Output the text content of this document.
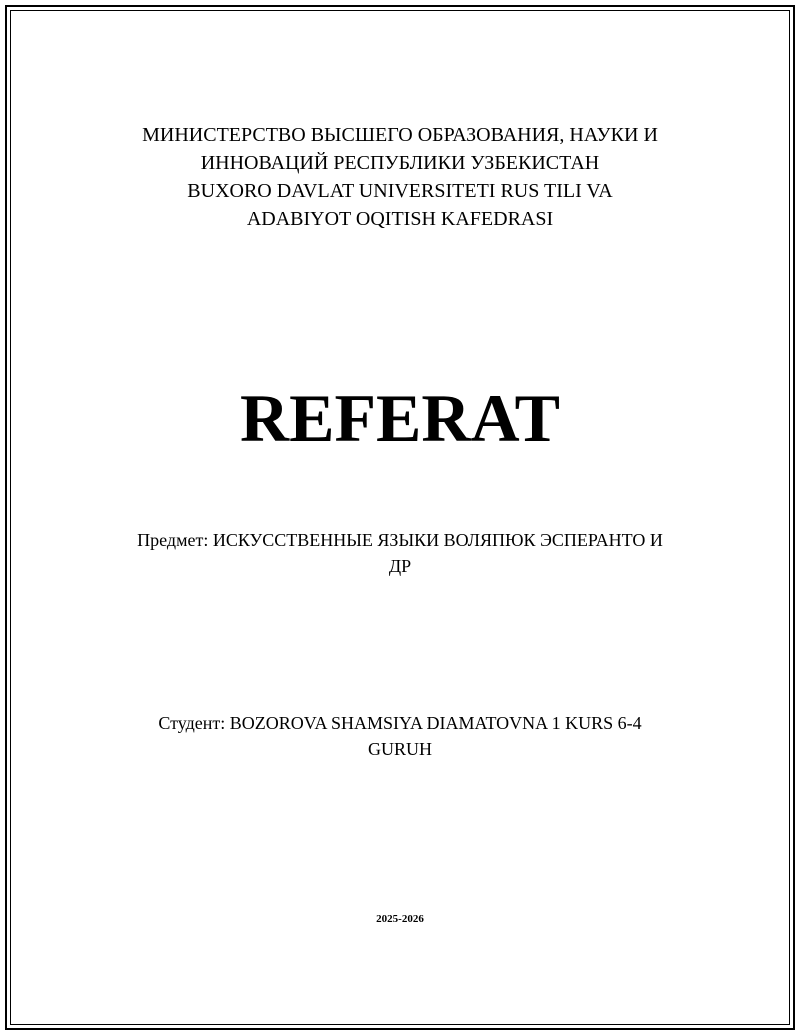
МИНИСТЕРСТВО ВЫСШЕГО ОБРАЗОВАНИЯ, НАУКИ И
ИННОВАЦИЙ РЕСПУБЛИКИ УЗБЕКИСТАН
BUXORO DAVLAT UNIVERSITETI RUS TILI VA
ADABIYOT OQITISH KAFEDRASI
REFERAT
Предмет: ИСКУССТВЕННЫЕ ЯЗЫКИ ВОЛЯПЮК ЭСПЕРАНТО И
ДР
Студент: BOZOROVA SHAMSIYA DIAMATOVNA 1 KURS 6-4
GURUH
2025-2026
